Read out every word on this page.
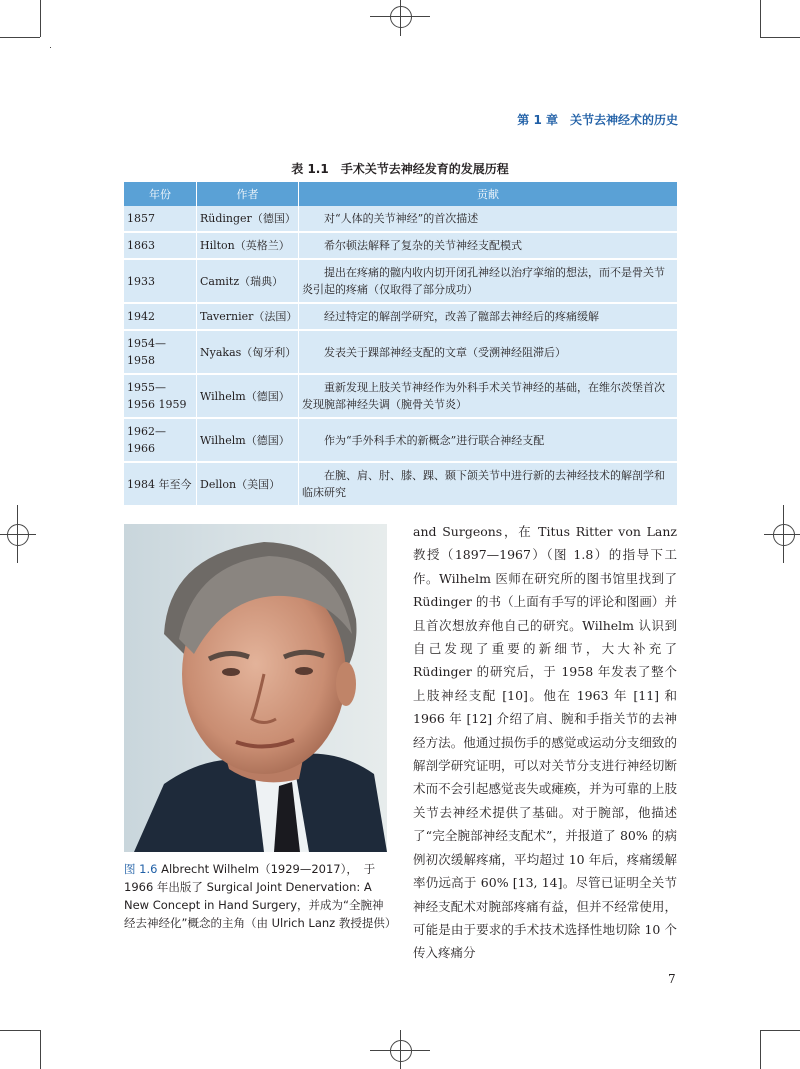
第 1 章　关节去神经术的历史
表 1.1　手术关节去神经发育的发展历程
年份	作者	贡献
1857	Rüdinger（德国）	对“人体的关节神经”的首次描述
1863	Hilton（英格兰）	希尔顿法解释了复杂的关节神经支配模式
1933	Camitz（瑞典）	提出在疼痛的髋内收内切开闭孔神经以治疗挛缩的想法，而不是骨关节炎引起的疼痛（仅取得了部分成功）
1942	Tavernier（法国）	经过特定的解剖学研究，改善了髋部去神经后的疼痛缓解
1954—1958	Nyakas（匈牙利）	发表关于踝部神经支配的文章（受溯神经阻滞后）
1955—1956 1959	Wilhelm（德国）	重新发现上肢关节神经作为外科手术关节神经的基础，在维尔茨堡首次发现腕部神经失调（腕骨关节炎）
1962—1966	Wilhelm（德国）	作为“手外科手术的新概念”进行联合神经支配
1984 年至今	Dellon（美国）	在腕、肩、肘、膝、踝、颞下颌关节中进行新的去神经技术的解剖学和临床研究
图 1.6 Albrecht Wilhelm（1929—2017），　于 1966 年出版了 Surgical Joint Denervation: A New Concept in Hand Surgery，并成为“全腕神经去神经化”概念的主角（由 Ulrich Lanz 教授提供）

and Surgeons，在 Titus Ritter von Lanz 教授（1897—1967）（图 1.8）的指导下工作。Wilhelm 医师在研究所的图书馆里找到了 Rüdinger 的书（上面有手写的评论和图画）并且首次想放弃他自己的研究。Wilhelm 认识到自己发现了重要的新细节，大大补充了 Rüdinger 的研究后，于 1958 年发表了整个上肢神经支配 [10]。他在 1963 年 [11] 和 1966 年 [12] 介绍了肩、腕和手指关节的去神经方法。他通过损伤手的感觉或运动分支细致的解剖学研究证明，可以对关节分支进行神经切断术而不会引起感觉丧失或瘫痪，并为可靠的上肢关节去神经术提供了基础。对于腕部，他描述了“完全腕部神经支配术”，并报道了 80% 的病例初次缓解疼痛，平均超过 10 年后，疼痛缓解率仍远高于 60% [13, 14]。尽管已证明全关节神经支配术对腕部疼痛有益，但并不经常使用，可能是由于要求的手术技术选择性地切除 10 个传入疼痛分

7
